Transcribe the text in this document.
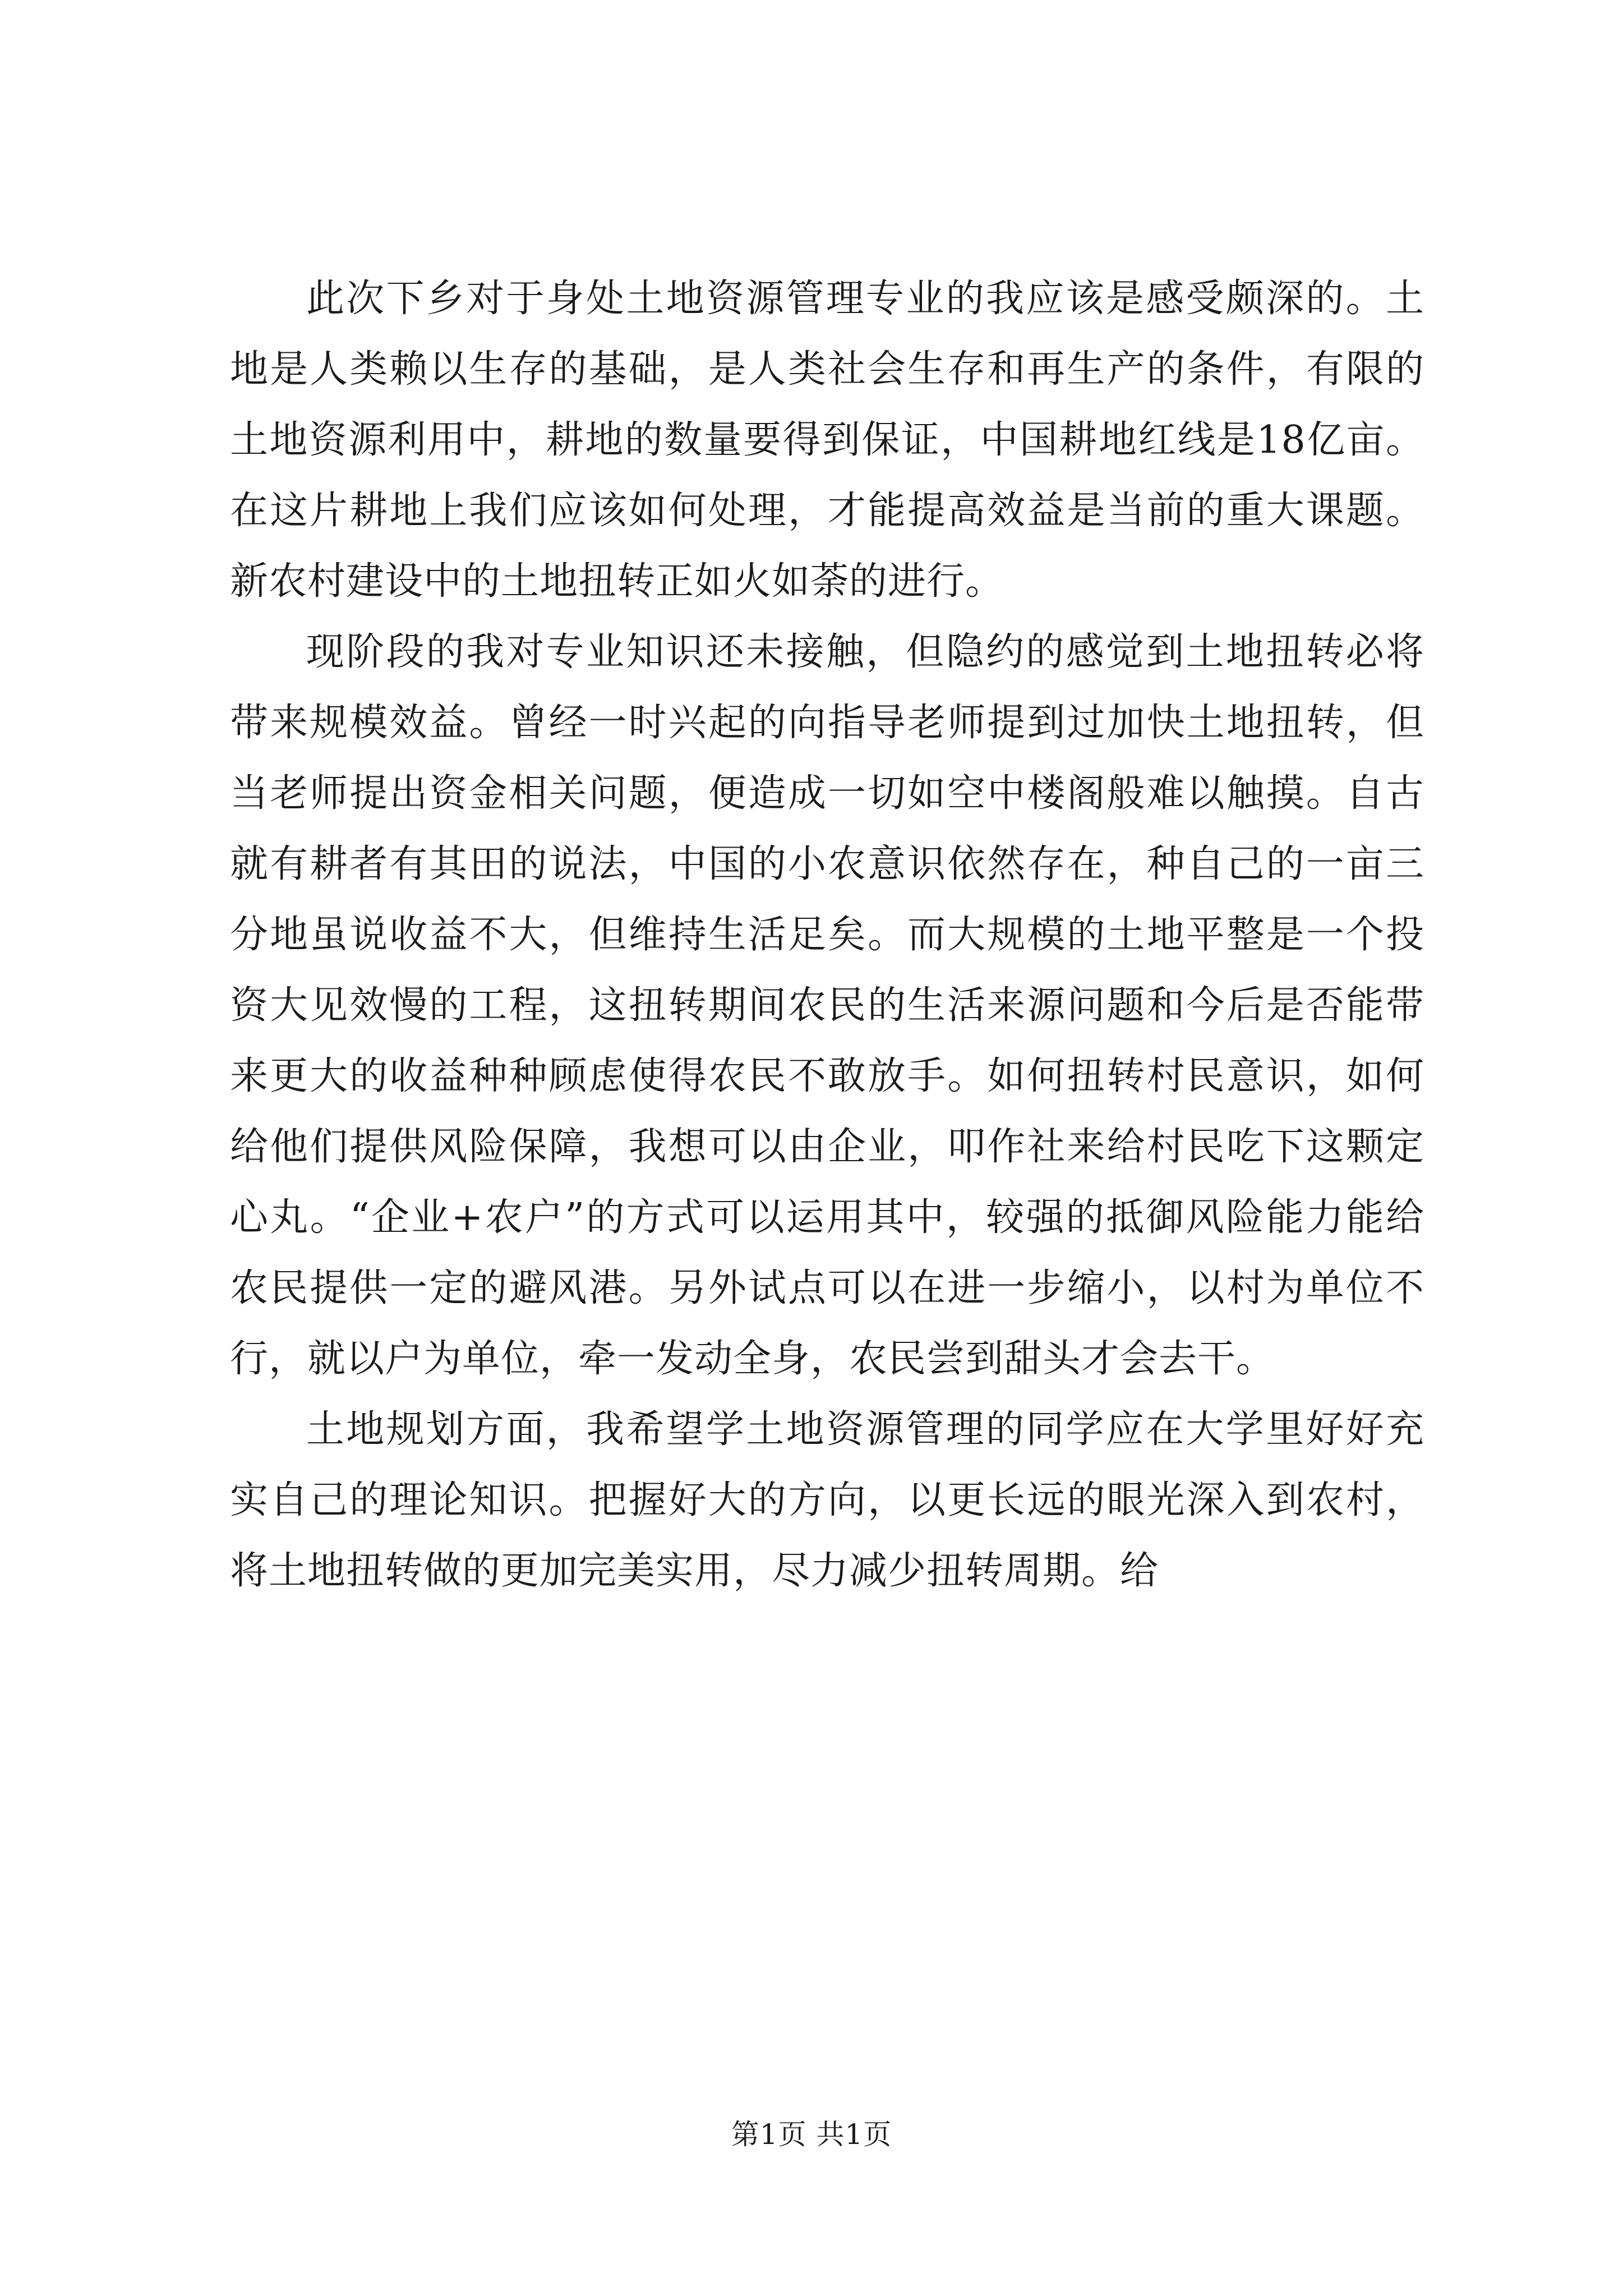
此次下乡对于身处土地资源管理专业的我应该是感受颇深的。土地是人类赖以生存的基础，是人类社会生存和再生产的条件，有限的土地资源利用中，耕地的数量要得到保证，中国耕地红线是18亿亩。在这片耕地上我们应该如何处理，才能提高效益是当前的重大课题。新农村建设中的土地扭转正如火如荼的进行。

现阶段的我对专业知识还未接触，但隐约的感觉到土地扭转必将带来规模效益。曾经一时兴起的向指导老师提到过加快土地扭转，但当老师提出资金相关问题，便造成一切如空中楼阁般难以触摸。自古就有耕者有其田的说法，中国的小农意识依然存在，种自己的一亩三分地虽说收益不大，但维持生活足矣。而大规模的土地平整是一个投资大见效慢的工程，这扭转期间农民的生活来源问题和今后是否能带来更大的收益种种顾虑使得农民不敢放手。如何扭转村民意识，如何给他们提供风险保障，我想可以由企业，叩作社来给村民吃下这颗定心丸。“企业+农户”的方式可以运用其中，较强的抵御风险能力能给农民提供一定的避风港。另外试点可以在进一步缩小，以村为单位不行，就以户为单位，牵一发动全身，农民尝到甜头才会去干。

土地规划方面，我希望学土地资源管理的同学应在大学里好好充实自己的理论知识。把握好大的方向，以更长远的眼光深入到农村，将土地扭转做的更加完美实用，尽力减少扭转周期。给

第1页 共1页
